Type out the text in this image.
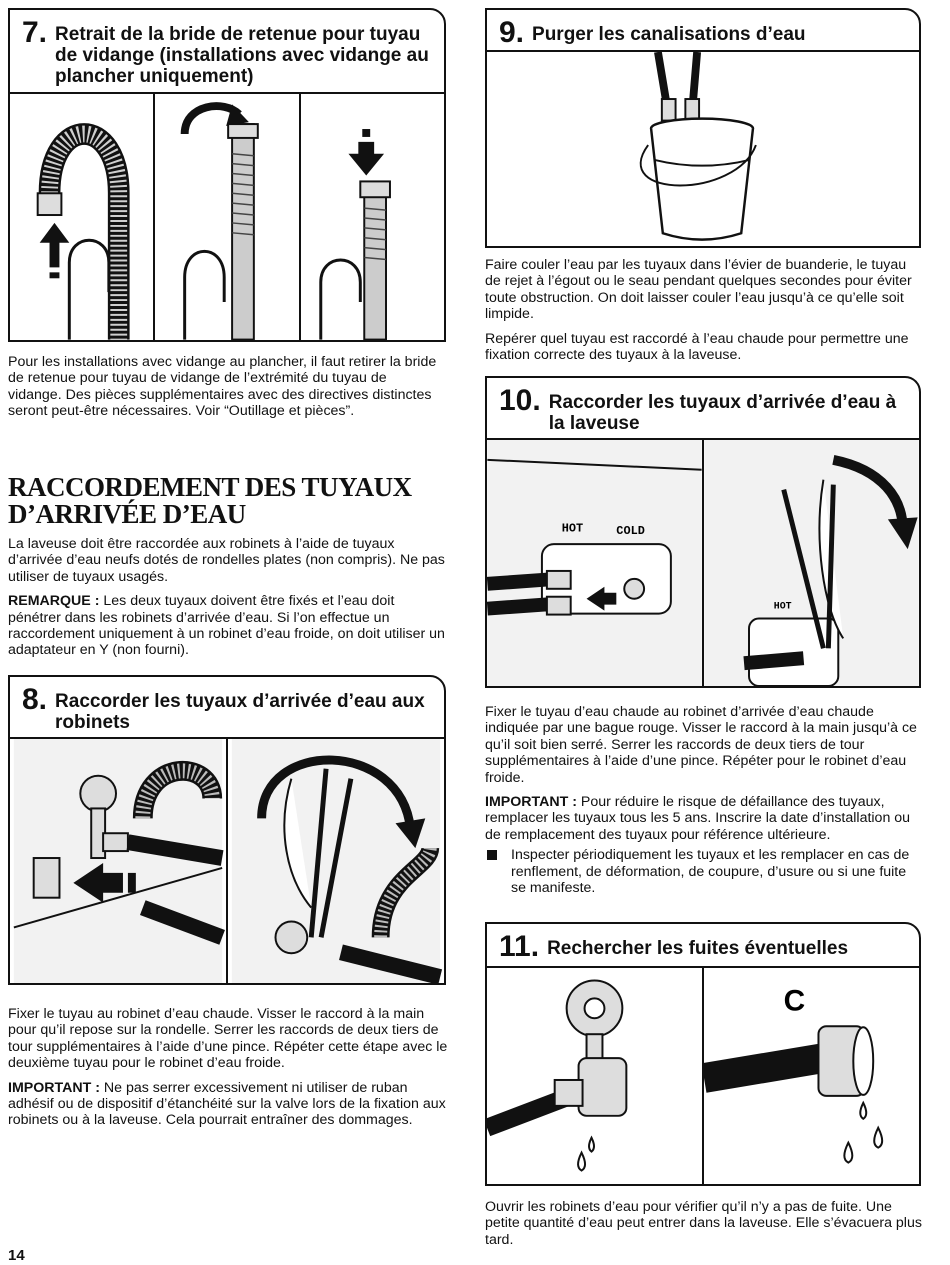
7. Retrait de la bride de retenue pour tuyau de vidange (installations avec vidange au plancher uniquement)

Pour les installations avec vidange au plancher, il faut retirer la bride de retenue pour tuyau de vidange de l’extrémité du tuyau de vidange. Des pièces supplémentaires avec des directives distinctes seront peut-être nécessaires. Voir “Outillage et pièces”.

RACCORDEMENT DES TUYAUX
D’ARRIVÉE D’EAU

La laveuse doit être raccordée aux robinets à l’aide de tuyaux d’arrivée d’eau neufs dotés de rondelles plates (non compris). Ne pas utiliser de tuyaux usagés.

REMARQUE : Les deux tuyaux doivent être fixés et l’eau doit pénétrer dans les robinets d’arrivée d’eau. Si l’on effectue un raccordement uniquement à un robinet d’eau froide, on doit utiliser un adaptateur en Y (non fourni).

8. Raccorder les tuyaux d’arrivée d’eau aux robinets

Fixer le tuyau au robinet d’eau chaude. Visser le raccord à la main pour qu’il repose sur la rondelle. Serrer les raccords de deux tiers de tour supplémentaires à l’aide d’une pince. Répéter cette étape avec le deuxième tuyau pour le robinet d’eau froide.

IMPORTANT : Ne pas serrer excessivement ni utiliser de ruban adhésif ou de dispositif d’étanchéité sur la valve lors de la fixation aux robinets ou à la laveuse. Cela pourrait entraîner des dommages.

9. Purger les canalisations d’eau

Faire couler l’eau par les tuyaux dans l’évier de buanderie, le tuyau de rejet à l’égout ou le seau pendant quelques secondes pour éviter toute obstruction. On doit laisser couler l’eau jusqu’à ce qu’elle soit limpide.

Repérer quel tuyau est raccordé à l’eau chaude pour permettre une fixation correcte des tuyaux à la laveuse.

10. Raccorder les tuyaux d’arrivée d’eau à la laveuse
HOT	COLD
HOT

Fixer le tuyau d’eau chaude au robinet d’arrivée d’eau chaude indiquée par une bague rouge. Visser le raccord à la main jusqu’à ce qu’il soit bien serré. Serrer les raccords de deux tiers de tour supplémentaires à l’aide d’une pince. Répéter pour le robinet d’eau froide.

IMPORTANT : Pour réduire le risque de défaillance des tuyaux, remplacer les tuyaux tous les 5 ans. Inscrire la date d’installation ou de remplacement des tuyaux pour référence ultérieure.

Inspecter périodiquement les tuyaux et les remplacer en cas de renflement, de déformation, de coupure, d’usure ou si une fuite se manifeste.
11. Rechercher les fuites éventuelles
C

Ouvrir les robinets d’eau pour vérifier qu’il n’y a pas de fuite. Une petite quantité d’eau peut entrer dans la laveuse. Elle s’évacuera plus tard.

14
